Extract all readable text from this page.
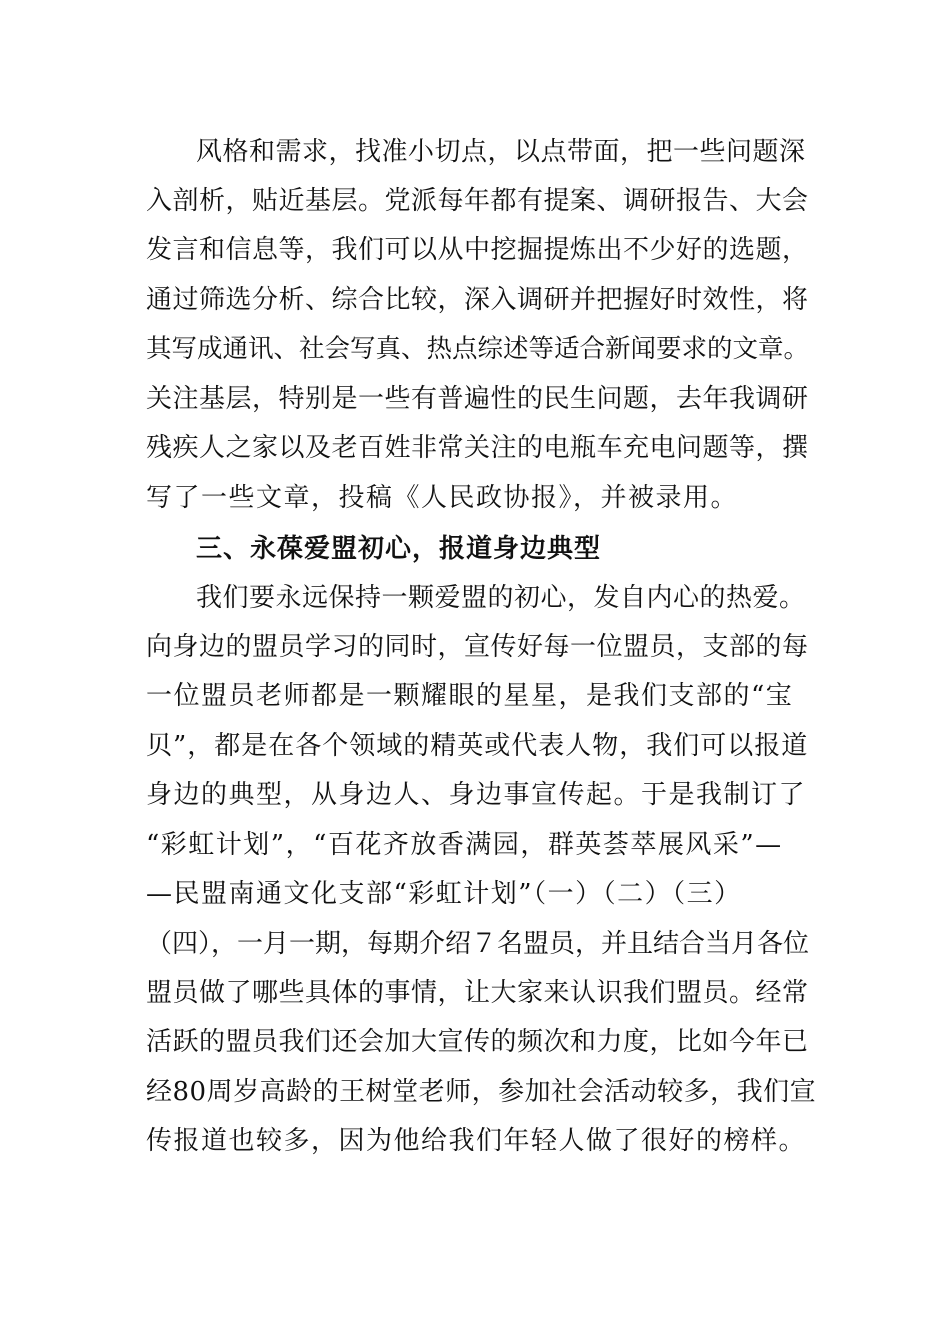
风格和需求，找准小切点，以点带面，把一些问题深
入剖析，贴近基层。党派每年都有提案、调研报告、大会
发言和信息等，我们可以从中挖掘提炼出不少好的选题，
通过筛选分析、综合比较，深入调研并把握好时效性，将
其写成通讯、社会写真、热点综述等适合新闻要求的文章。
关注基层，特别是一些有普遍性的民生问题，去年我调研
残疾人之家以及老百姓非常关注的电瓶车充电问题等，撰
写了一些文章，投稿《人民政协报》，并被录用。
三、永葆爱盟初心，报道身边典型
我们要永远保持一颗爱盟的初心，发自内心的热爱。
向身边的盟员学习的同时，宣传好每一位盟员，支部的每
一位盟员老师都是一颗耀眼的星星，是我们支部的“宝
贝”，都是在各个领域的精英或代表人物，我们可以报道
身边的典型，从身边人、身边事宣传起。于是我制订了
“彩虹计划”，“百花齐放香满园，群英荟萃展风采”—
—民盟南通文化支部“彩虹计划”（一）（二）（三）
（四），一月一期，每期介绍７名盟员，并且结合当月各位
盟员做了哪些具体的事情，让大家来认识我们盟员。经常
活跃的盟员我们还会加大宣传的频次和力度，比如今年已
经80周岁高龄的王树堂老师，参加社会活动较多，我们宣
传报道也较多，因为他给我们年轻人做了很好的榜样。
